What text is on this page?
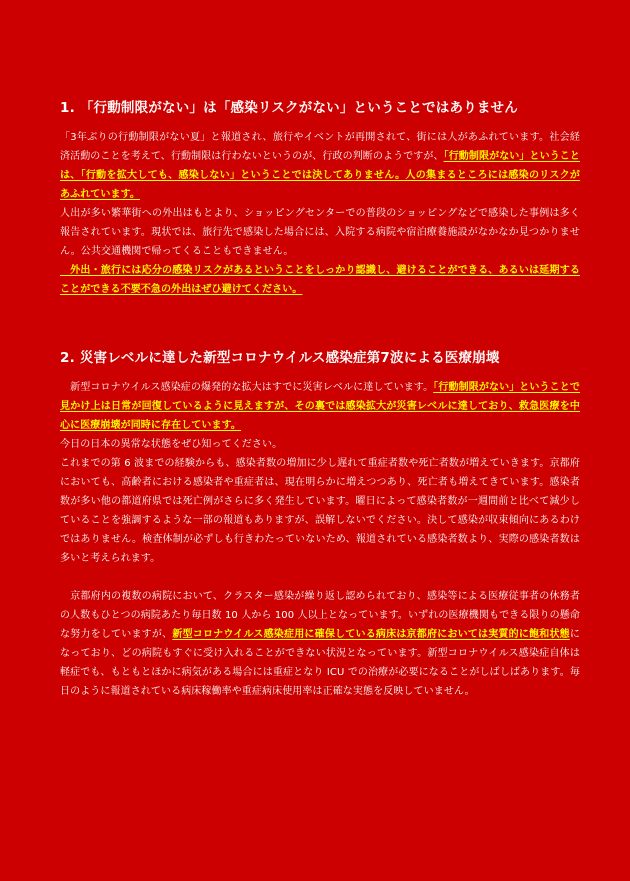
1. 「行動制限がない」は「感染リスクがない」ということではありません

「3年ぶりの行動制限がない夏」と報道され、旅行やイベントが再開されて、街には人があふれています。社会経済活動のことを考えて、行動制限は行わないというのが、行政の判断のようですが、「行動制限がない」ということは、「行動を拡大しても、感染しない」ということでは決してありません。人の集まるところには感染のリスクがあふれています。

人出が多い繁華街への外出はもとより、ショッピングセンターでの普段のショッピングなどで感染した事例は多く報告されています。現状では、旅行先で感染した場合には、入院する病院や宿泊療養施設がなかなか見つかりません。公共交通機関で帰ってくることもできません。

　外出・旅行には応分の感染リスクがあるということをしっかり認識し、避けることができる、あるいは延期することができる不要不急の外出はぜひ避けてください。

2. 災害レベルに達した新型コロナウイルス感染症第7波による医療崩壊

　新型コロナウイルス感染症の爆発的な拡大はすでに災害レベルに達しています。「行動制限がない」ということで見かけ上は日常が回復しているように見えますが、その裏では感染拡大が災害レベルに達しており、救急医療を中心に医療崩壊が同時に存在しています。

今日の日本の異常な状態をぜひ知ってください。

これまでの第 6 波までの経験からも、感染者数の増加に少し遅れて重症者数や死亡者数が増えていきます。京都府においても、高齢者における感染者や重症者は、現在明らかに増えつつあり、死亡者も増えてきています。感染者数が多い他の都道府県では死亡例がさらに多く発生しています。曜日によって感染者数が一週間前と比べて減少していることを強調するような一部の報道もありますが、誤解しないでください。決して感染が収束傾向にあるわけではありません。検査体制が必ずしも行きわたっていないため、報道されている感染者数より、実際の感染者数は多いと考えられます。

　京都府内の複数の病院において、クラスター感染が繰り返し認められており、感染等による医療従事者の休務者の人数もひとつの病院あたり毎日数 10 人から 100 人以上となっています。いずれの医療機関もできる限りの懸命な努力をしていますが、新型コロナウイルス感染症用に確保している病床は京都府においては実質的に飽和状態になっており、どの病院もすぐに受け入れることができない状況となっています。新型コロナウイルス感染症自体は軽症でも、もともとほかに病気がある場合には重症となり ICU での治療が必要になることがしばしばあります。毎日のように報道されている病床稼働率や重症病床使用率は正確な実態を反映していません。
